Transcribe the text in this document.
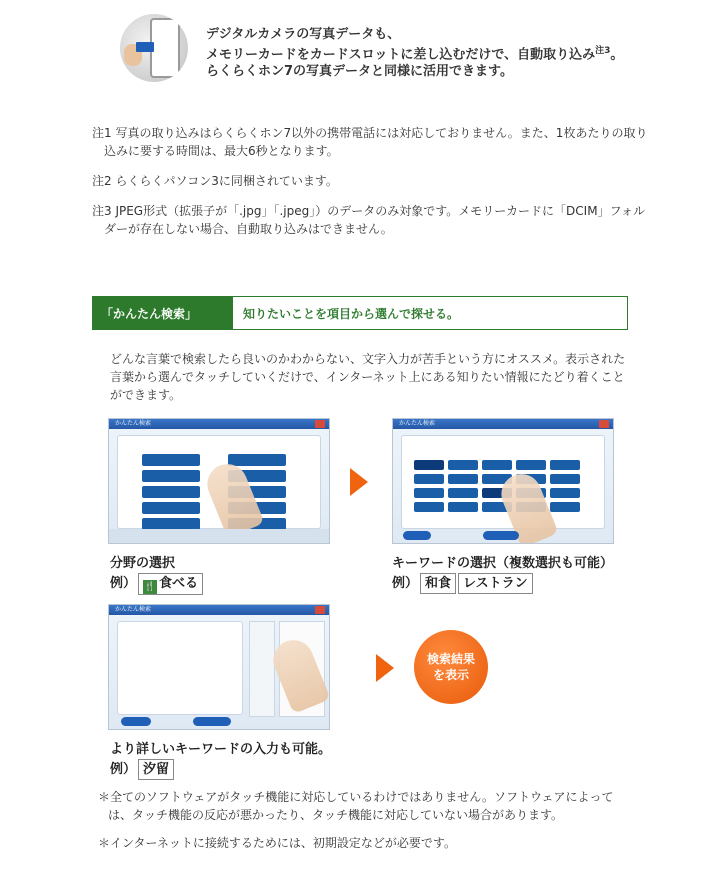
デジタルカメラの写真データも、
メモリーカードをカードスロットに差し込むだけで、自動取り込み$^{注3}$。
らくらくホン7の写真データと同様に活用できます。

注1 写真の取り込みはらくらくホン7以外の携帯電話には対応しておりません。また、1枚あたりの取り込みに要する時間は、最大6秒となります。

注2 らくらくパソコン3に同梱されています。

注3 JPEG形式（拡張子が「.jpg」「.jpeg」）のデータのみ対象です。メモリーカードに「DCIM」フォルダーが存在しない場合、自動取り込みはできません。

「かんたん検索」	知りたいことを項目から選んで探せる。

どんな言葉で検索したら良いのかわからない、文字入力が苦手という方にオススメ。表示された言葉から選んでタッチしていくだけで、インターネット上にある知りたい情報にたどり着くことができます。

かんたん検索	かんたん検索
分野の選択
例） 🍴 食べる
キーワードの選択（複数選択も可能）
例） 和食 レストラン
かんたん検索
検索結果
を表示
より詳しいキーワードの入力も可能。
例） 汐留

＊全てのソフトウェアがタッチ機能に対応しているわけではありません。ソフトウェアによっては、タッチ機能の反応が悪かったり、タッチ機能に対応していない場合があります。

＊インターネットに接続するためには、初期設定などが必要です。
